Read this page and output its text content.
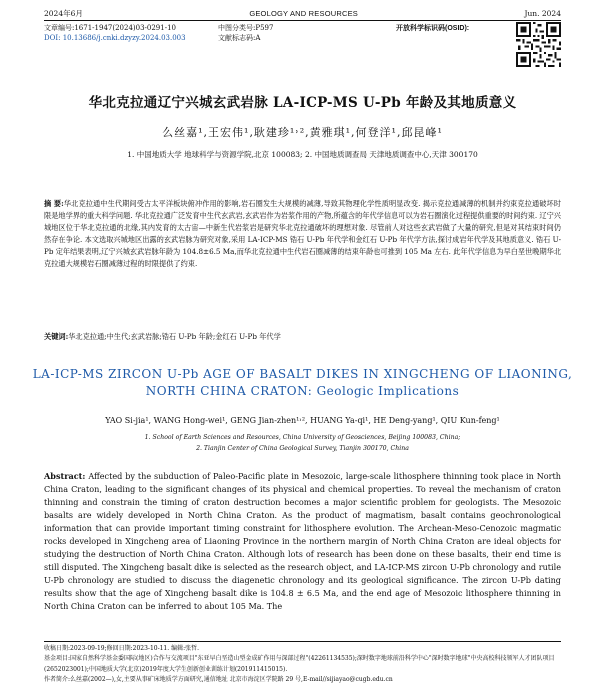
2024年6月	GEOLOGY AND RESOURCES	Jun. 2024
文章编号:1671-1947(2024)03-0291-10
DOI: 10.13686/j.cnki.dzyzy.2024.03.003
中图分类号:P597
文献标志码:A
开放科学标识码(OSID):
华北克拉通辽宁兴城玄武岩脉 LA-ICP-MS U-Pb 年龄及其地质意义
么丝嘉¹,王宏伟¹,耿建珍¹˒²,黄雅琪¹,何登洋¹,邱昆峰¹
1. 中国地质大学 地球科学与资源学院,北京 100083; 2. 中国地质调查局 天津地质调查中心,天津 300170
摘 要:华北克拉通中生代期间受古太平洋板块俯冲作用的影响,岩石圈发生大规模的减薄,导致其物理化学性质明显改变. 揭示克拉通减薄的机制并约束克拉通破坏时限是地学界的重大科学问题. 华北克拉通广泛发育中生代玄武岩,玄武岩作为岩浆作用的产物,所蕴含的年代学信息可以为岩石圈演化过程提供重要的时间约束. 辽宁兴城地区位于华北克拉通的北缘,其内发育的太古宙—中新生代岩浆岩是研究华北克拉通破坏的理想对象. 尽管前人对这些玄武岩做了大量的研究,但是对其结束时间仍然存在争论. 本文选取兴城地区出露的玄武岩脉为研究对象,采用 LA-ICP-MS 锆石 U-Pb 年代学和金红石 U-Pb 年代学方法,探讨成岩年代学及其地质意义. 锆石 U-Pb 定年结果表明,辽宁兴城玄武岩脉年龄为 104.8±6.5 Ma,而华北克拉通中生代岩石圈减薄的结束年龄也可推到 105 Ma 左右. 此年代学信息为早白垩世晚期华北克拉通大规模岩石圈减薄过程的时限提供了约束.
关键词:华北克拉通;中生代;玄武岩脉;锆石 U-Pb 年龄;金红石 U-Pb 年代学
LA-ICP-MS ZIRCON U-Pb AGE OF BASALT DIKES IN XINGCHENG OF LIAONING,
NORTH CHINA CRATON: Geologic Implications
YAO Si-jia¹, WANG Hong-wei¹, GENG Jian-zhen¹˒², HUANG Ya-qi¹, HE Deng-yang¹, QIU Kun-feng¹
1. School of Earth Sciences and Resources, China University of Geosciences, Beijing 100083, China;
2. Tianjin Center of China Geological Survey, Tianjin 300170, China
Abstract: Affected by the subduction of Paleo-Pacific plate in Mesozoic, large-scale lithosphere thinning took place in North China Craton, leading to the significant changes of its physical and chemical properties. To reveal the mechanism of craton thinning and constrain the timing of craton destruction becomes a major scientific problem for geologists. The Mesozoic basalts are widely developed in North China Craton. As the product of magmatism, basalt contains geochronological information that can provide important timing constraint for lithosphere evolution. The Archean-Meso-Cenozoic magmatic rocks developed in Xingcheng area of Liaoning Province in the northern margin of North China Craton are ideal objects for studying the destruction of North China Craton. Although lots of research has been done on these basalts, their end time is still disputed. The Xingcheng basalt dike is selected as the research object, and LA-ICP-MS zircon U-Pb chronology and rutile U-Pb chronology are studied to discuss the diagenetic chronology and its geological significance. The zircon U-Pb dating results show that the age of Xingcheng basalt dike is 104.8 ± 6.5 Ma, and the end age of Mesozoic lithosphere thinning in North China Craton can be inferred to about 105 Ma. The
收稿日期:2023-09-19;修回日期:2023-10-11. 编辑:张哲.
基金项目:国家自然科学基金委国际(地区)合作与交流项目"东亚早白垩造山型金成矿作用与深部过程"(42261134535);深时数字地球前沿科学中心"深时数字地球"中央高校科技领军人才团队项目(2652023001);中国地质大学(北京)2019年度大学生创新创业训练计划(201911415015).
作者简介:么丝嘉(2002—),女,主要从事矿床地质学方面研究,通信地址 北京市海淀区学院路 29 号,E-mail//sijiayao@cugb.edu.cn
